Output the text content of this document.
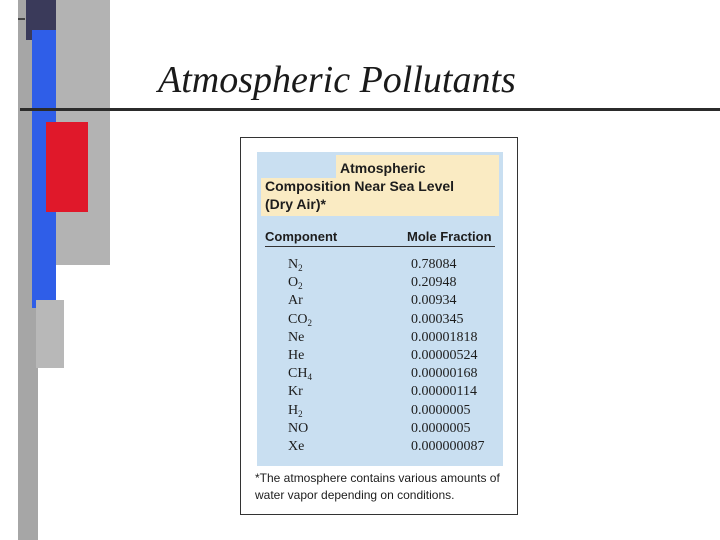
Atmospheric Pollutants
Atmospheric
Composition Near Sea Level
(Dry Air)*
Component	Mole Fraction
$N_2$	0.78084
$O_2$	0.20948
Ar	0.00934
$CO_2$	0.000345
Ne	0.00001818
He	0.00000524
$CH_4$	0.00000168
Kr	0.00000114
$H_2$	0.0000005
NO	0.0000005
Xe	0.000000087
*The atmosphere contains various amounts of water vapor depending on conditions.
